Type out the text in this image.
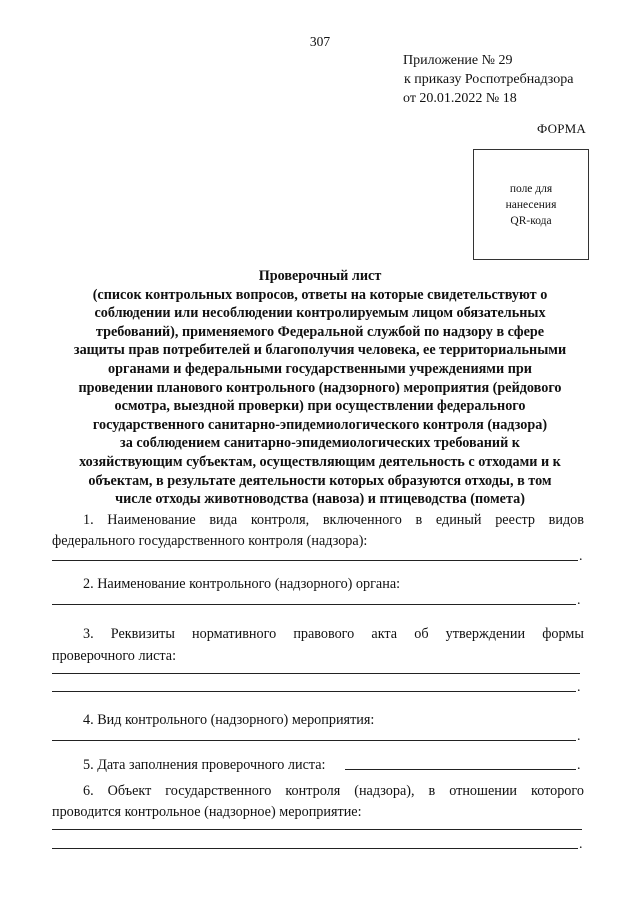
307
Приложение № 29
к приказу Роспотребнадзора
от 20.01.2022 № 18
ФОРМА
поле для
нанесения
QR-кода
Проверочный лист
(список контрольных вопросов, ответы на которые свидетельствуют о
соблюдении или несоблюдении контролируемым лицом обязательных
требований), применяемого Федеральной службой по надзору в сфере
защиты прав потребителей и благополучия человека, ее территориальными
органами и федеральными государственными учреждениями при
проведении планового контрольного (надзорного) мероприятия (рейдового
осмотра, выездной проверки) при осуществлении федерального
государственного санитарно-эпидемиологического контроля (надзора)
за соблюдением санитарно-эпидемиологических требований к
хозяйствующим субъектам, осуществляющим деятельность с отходами и к
объектам, в результате деятельности которых образуются отходы, в том
числе отходы животноводства (навоза) и птицеводства (помета)
1. Наименование вида контроля, включенного в единый реестр видов
федерального государственного контроля (надзора):
.
2. Наименование контрольного (надзорного) органа:
.
3. Реквизиты нормативного правового акта об утверждении формы
проверочного листа:
.
4. Вид контрольного (надзорного) мероприятия:
.
5. Дата заполнения проверочного листа:	.
6. Объект государственного контроля (надзора), в отношении которого
проводится контрольное (надзорное) мероприятие:
.
